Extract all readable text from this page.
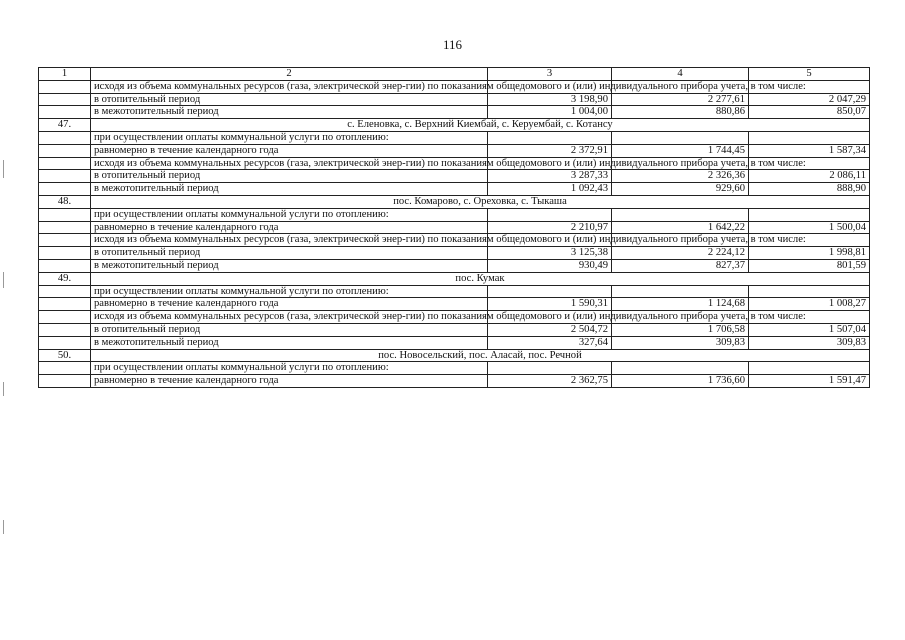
116
1	2	3	4	5
	исходя из объема коммунальных ресурсов (газа, электрической энер-гии) по показаниям общедомового и (или) индивидуального прибора учета, в том числе:			
	в отопительный период	3 198,90	2 277,61	2 047,29
	в межотопительный период	1 004,00	880,86	850,07
47.	с. Еленовка, с. Верхний Киембай, с. Керуембай, с. Котансу			
	при осуществлении оплаты коммунальной услуги по отоплению:			
	равномерно в течение календарного года	2 372,91	1 744,45	1 587,34
	исходя из объема коммунальных ресурсов (газа, электрической энер-гии) по показаниям общедомового и (или) индивидуального прибора учета, в том числе:			
	в отопительный период	3 287,33	2 326,36	2 086,11
	в межотопительный период	1 092,43	929,60	888,90
48.	пос. Комарово, с. Ореховка, с. Тыкаша			
	при осуществлении оплаты коммунальной услуги по отоплению:			
	равномерно в течение календарного года	2 210,97	1 642,22	1 500,04
	исходя из объема коммунальных ресурсов (газа, электрической энер-гии) по показаниям общедомового и (или) индивидуального прибора учета, в том числе:			
	в отопительный период	3 125,38	2 224,12	1 998,81
	в межотопительный период	930,49	827,37	801,59
49.	пос. Кумак			
	при осуществлении оплаты коммунальной услуги по отоплению:			
	равномерно в течение календарного года	1 590,31	1 124,68	1 008,27
	исходя из объема коммунальных ресурсов (газа, электрической энер-гии) по показаниям общедомового и (или) индивидуального прибора учета, в том числе:			
	в отопительный период	2 504,72	1 706,58	1 507,04
	в межотопительный период	327,64	309,83	309,83
50.	пос. Новосельский, пос. Аласай, пос. Речной			
	при осуществлении оплаты коммунальной услуги по отоплению:			
	равномерно в течение календарного года	2 362,75	1 736,60	1 591,47
